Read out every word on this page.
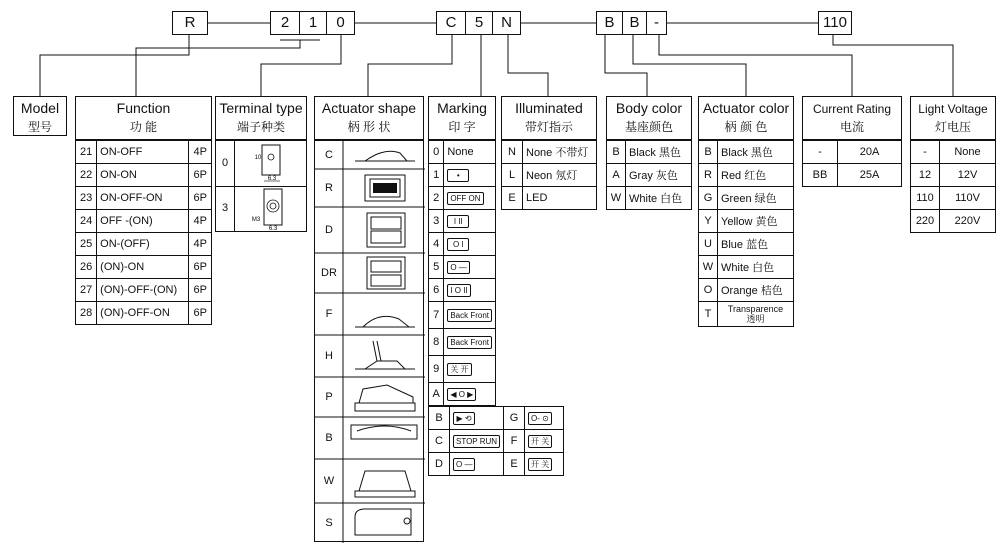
R	2	1	0	C	5	N	B B -	110
Model
型号
Function
功 能
21	ON-OFF	4P
22	ON-ON	6P
23	ON-OFF-ON	6P
24	OFF -(ON)	4P
25	ON-(OFF)	4P
26	(ON)-ON	6P
27	(ON)-OFF-(ON)	6P
28	(ON)-OFF-ON	6P
Terminal type
端子种类
0
6.3
10
3
M3
6.3
Actuator shape
柄 形 状
C
R
D
DR
F
H
P
B
W
S
Marking
印 字
0	None
1	•
2	OFF ON
3	I II
4	O I
5	O —
6	I O II
7	Back Front
8	Back Front
9	关 开
A	◀ O ▶
B	▶ ⟲	G	O- ⊙
C	STOP RUN	F	开 关
D	O —	E	开 关
Illuminated
带灯指示
N	None 不带灯
L	Neon 氖灯
E	LED
Body color
基座颜色
B	Black 黑色
A	Gray 灰色
W	White 白色
Actuator color
柄 颜 色
B	Black 黑色
R	Red 红色
G	Green 绿色
Y	Yellow 黄色
U	Blue 蓝色
W	White 白色
O	Orange 桔色
T	Transparence
透明
Current Rating
电流
-	20A
BB	25A
Light Voltage
灯电压
-	None
12	12V
110	110V
220	220V
